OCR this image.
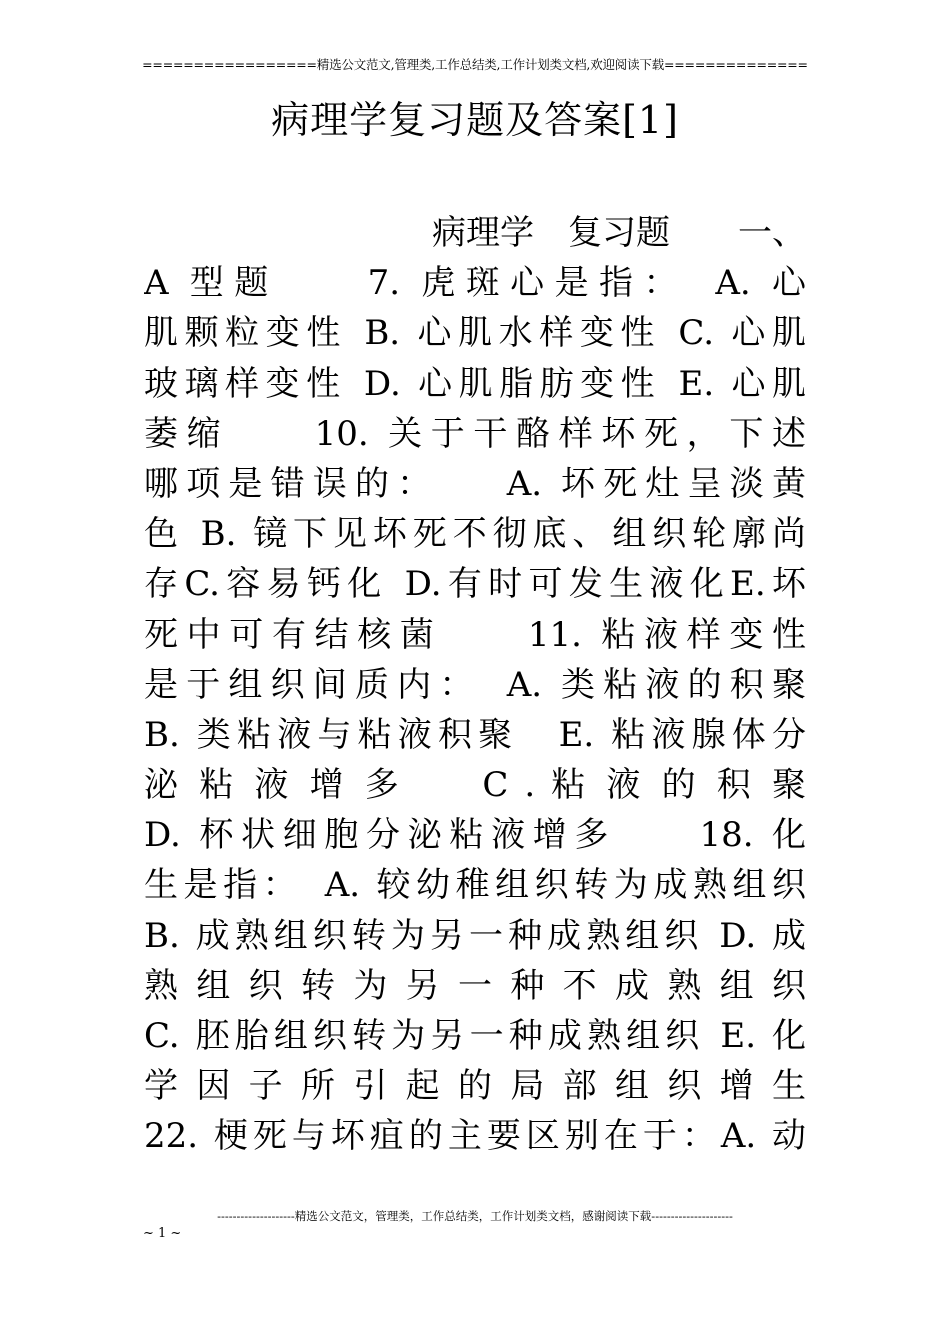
=================精选公文范文,管理类,工作总结类,工作计划类文档,欢迎阅读下载==============
病理学复习题及答案[1]
病理学　复习题　　一、
A 型题　　7. 虎斑心是指：　A. 心
肌颗粒变性 B. 心肌水样变性 C. 心肌
玻璃样变性 D. 心肌脂肪变性 E. 心肌
萎缩　　10. 关于干酪样坏死，下述
哪项是错误的：　　A. 坏死灶呈淡黄
色 B. 镜下见坏死不彻底、组织轮廓尚
存C.容易钙化 D.有时可发生液化E.坏
死中可有结核菌　　11. 粘液样变性
是于组织间质内：　A. 类粘液的积聚
B. 类粘液与粘液积聚　E. 粘液腺体分
泌 粘 液 增 多　　C . 粘 液 的 积 聚
D. 杯状细胞分泌粘液增多　　18. 化
生是指：　A. 较幼稚组织转为成熟组织
B. 成熟组织转为另一种成熟组织 D. 成
熟 组 织 转 为 另 一 种 不 成 熟 组 织
C. 胚胎组织转为另一种成熟组织 E. 化
学 因 子 所 引 起 的 局 部 组 织 增 生
22. 梗死与坏疽的主要区别在于：A. 动
--------------------精选公文范文，管理类，工作总结类，工作计划类文档，感谢阅读下载---------------------
~ 1 ~
